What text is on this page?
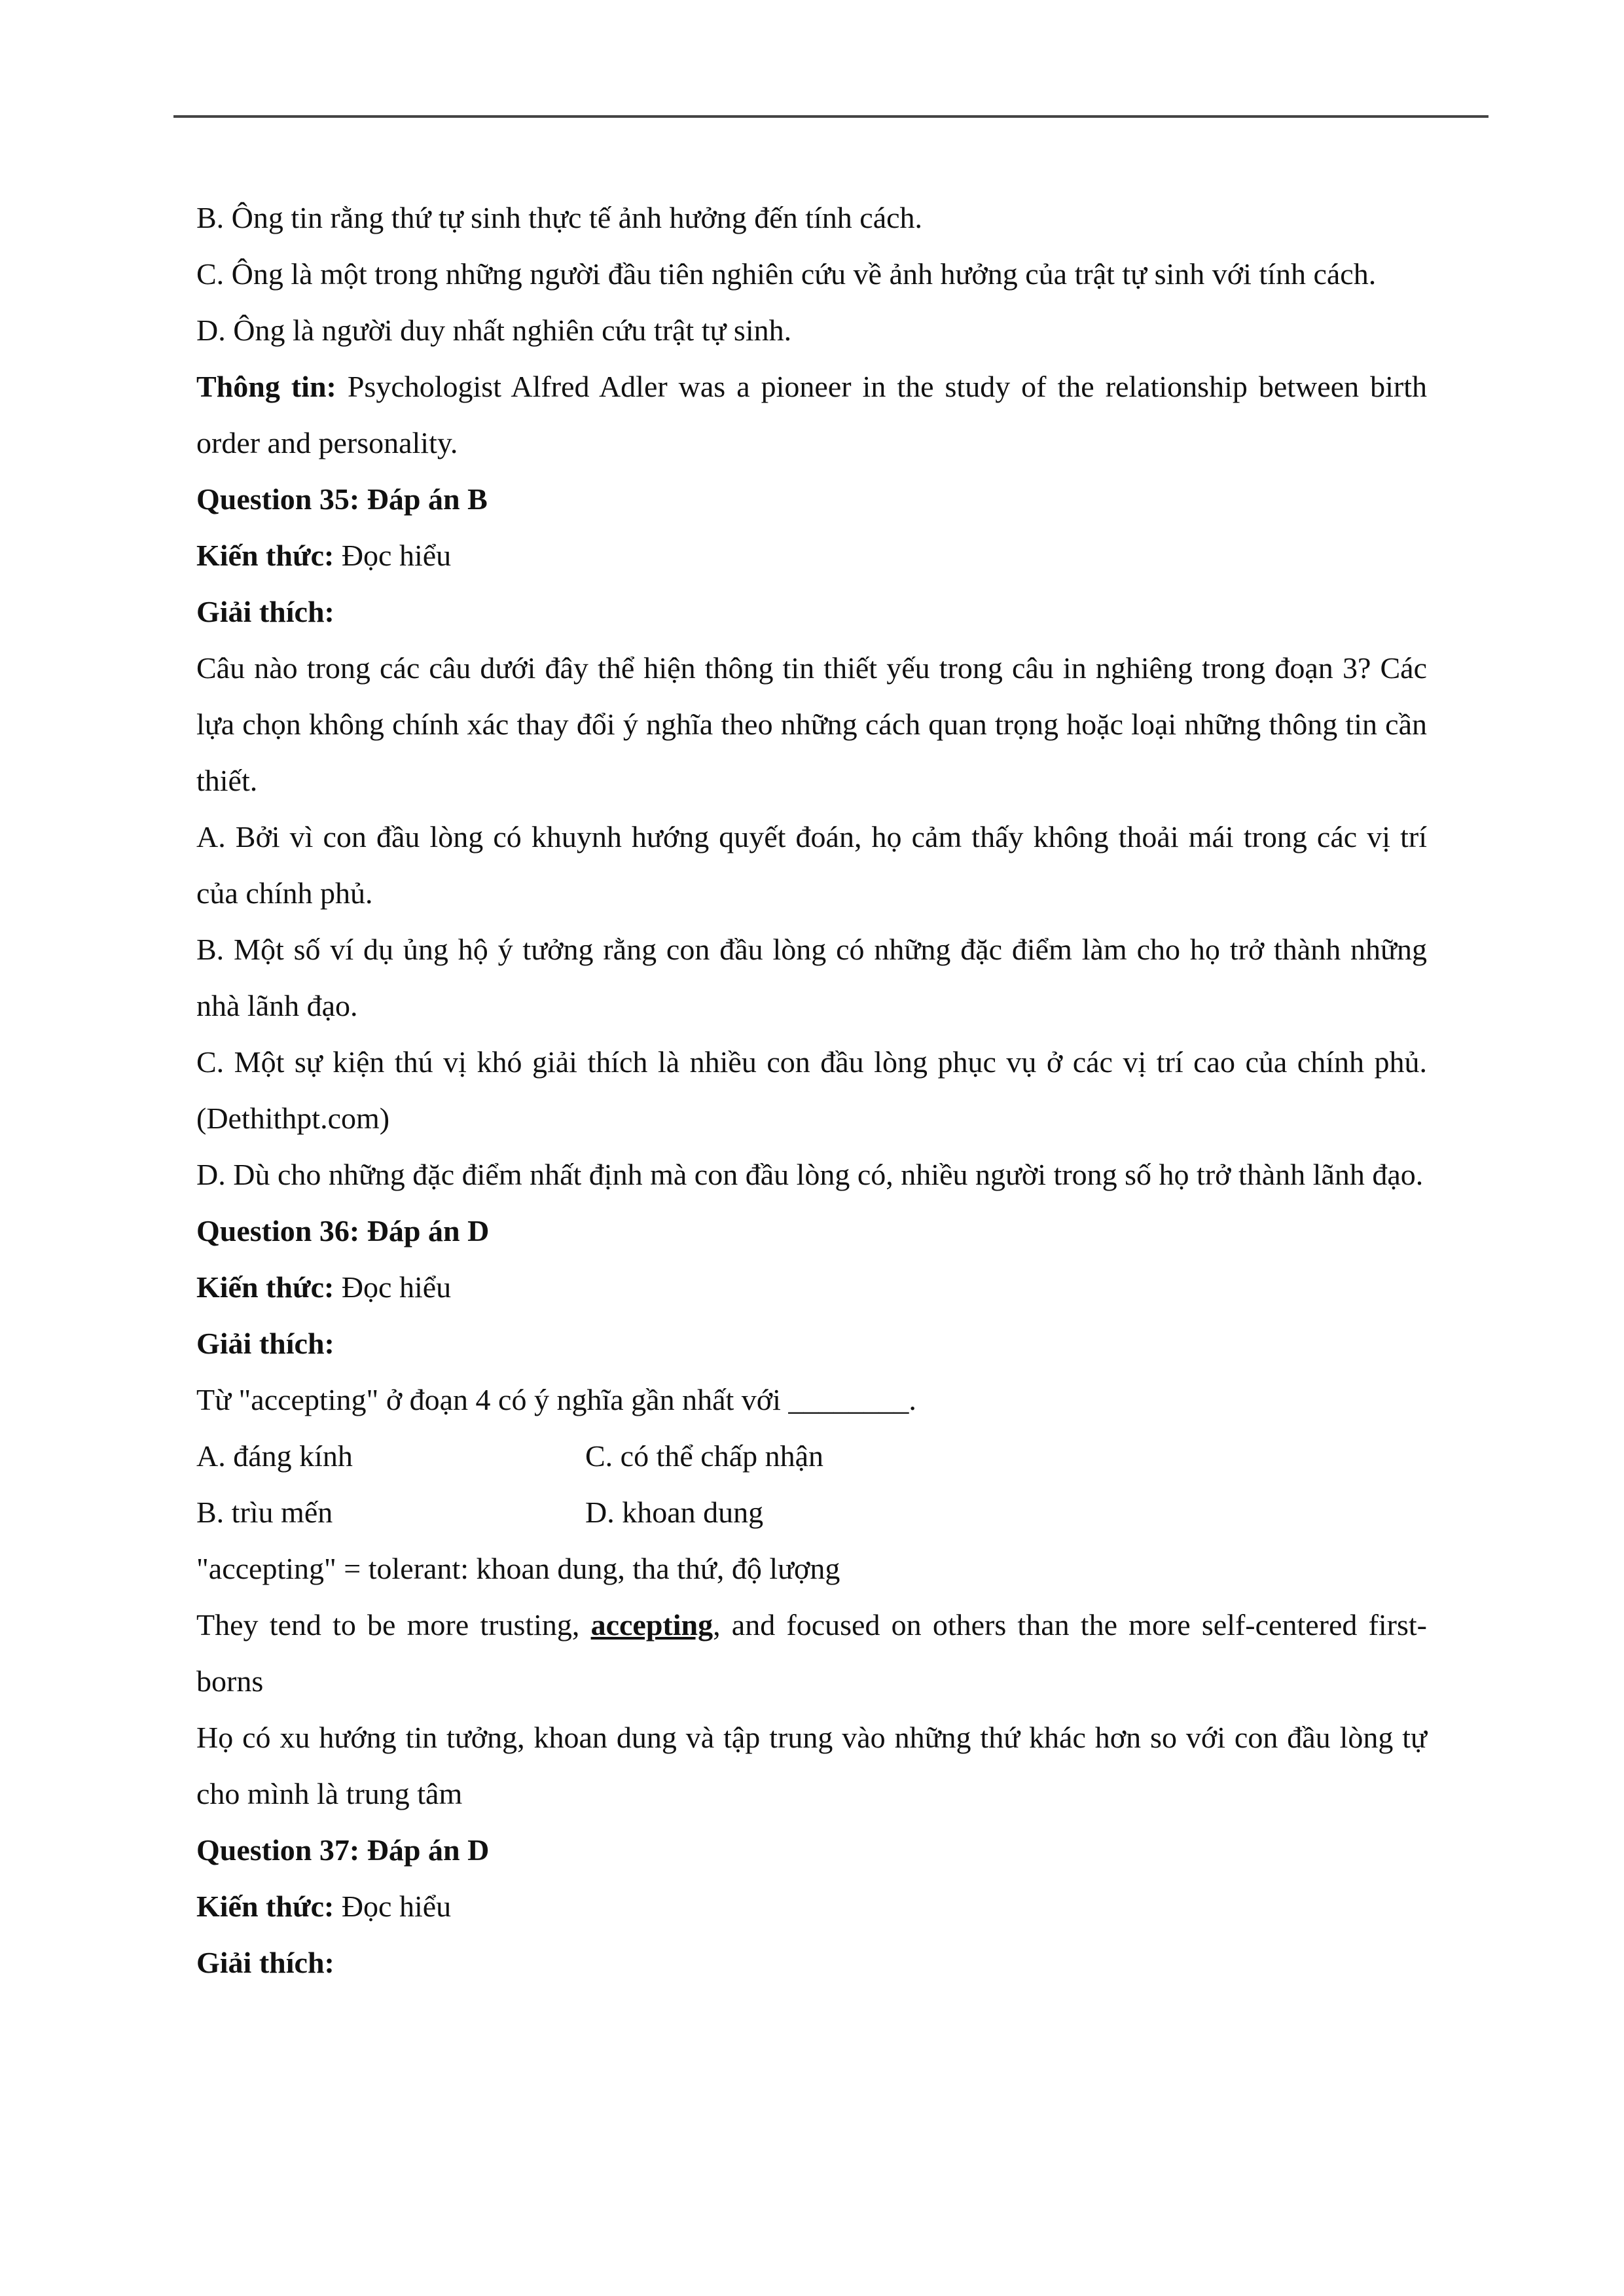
B. Ông tin rằng thứ tự sinh thực tế ảnh hưởng đến tính cách.
C. Ông là một trong những người đầu tiên nghiên cứu về ảnh hưởng của trật tự sinh với tính cách.
D. Ông là người duy nhất nghiên cứu trật tự sinh.
Thông tin: Psychologist Alfred Adler was a pioneer in the study of the relationship between birth order and personality.
Question 35: Đáp án B
Kiến thức: Đọc hiểu
Giải thích:
Câu nào trong các câu dưới đây thể hiện thông tin thiết yếu trong câu in nghiêng trong đoạn 3? Các lựa chọn không chính xác thay đổi ý nghĩa theo những cách quan trọng hoặc loại những thông tin cần thiết.
A. Bởi vì con đầu lòng có khuynh hướng quyết đoán, họ cảm thấy không thoải mái trong các vị trí của chính phủ.
B. Một số ví dụ ủng hộ ý tưởng rằng con đầu lòng có những đặc điểm làm cho họ trở thành những nhà lãnh đạo.
C. Một sự kiện thú vị khó giải thích là nhiều con đầu lòng phục vụ ở các vị trí cao của chính phủ. (Dethithpt.com)
D. Dù cho những đặc điểm nhất định mà con đầu lòng có, nhiều người trong số họ trở thành lãnh đạo.
Question 36: Đáp án D
Kiến thức: Đọc hiểu
Giải thích:
Từ "accepting" ở đoạn 4 có ý nghĩa gần nhất với ________.
A. đáng kính	C. có thể chấp nhận
B. trìu mến	D. khoan dung
"accepting" = tolerant: khoan dung, tha thứ, độ lượng
They tend to be more trusting, accepting, and focused on others than the more self-centered first-borns
Họ có xu hướng tin tưởng, khoan dung và tập trung vào những thứ khác hơn so với con đầu lòng tự cho mình là trung tâm
Question 37: Đáp án D
Kiến thức: Đọc hiểu
Giải thích:
